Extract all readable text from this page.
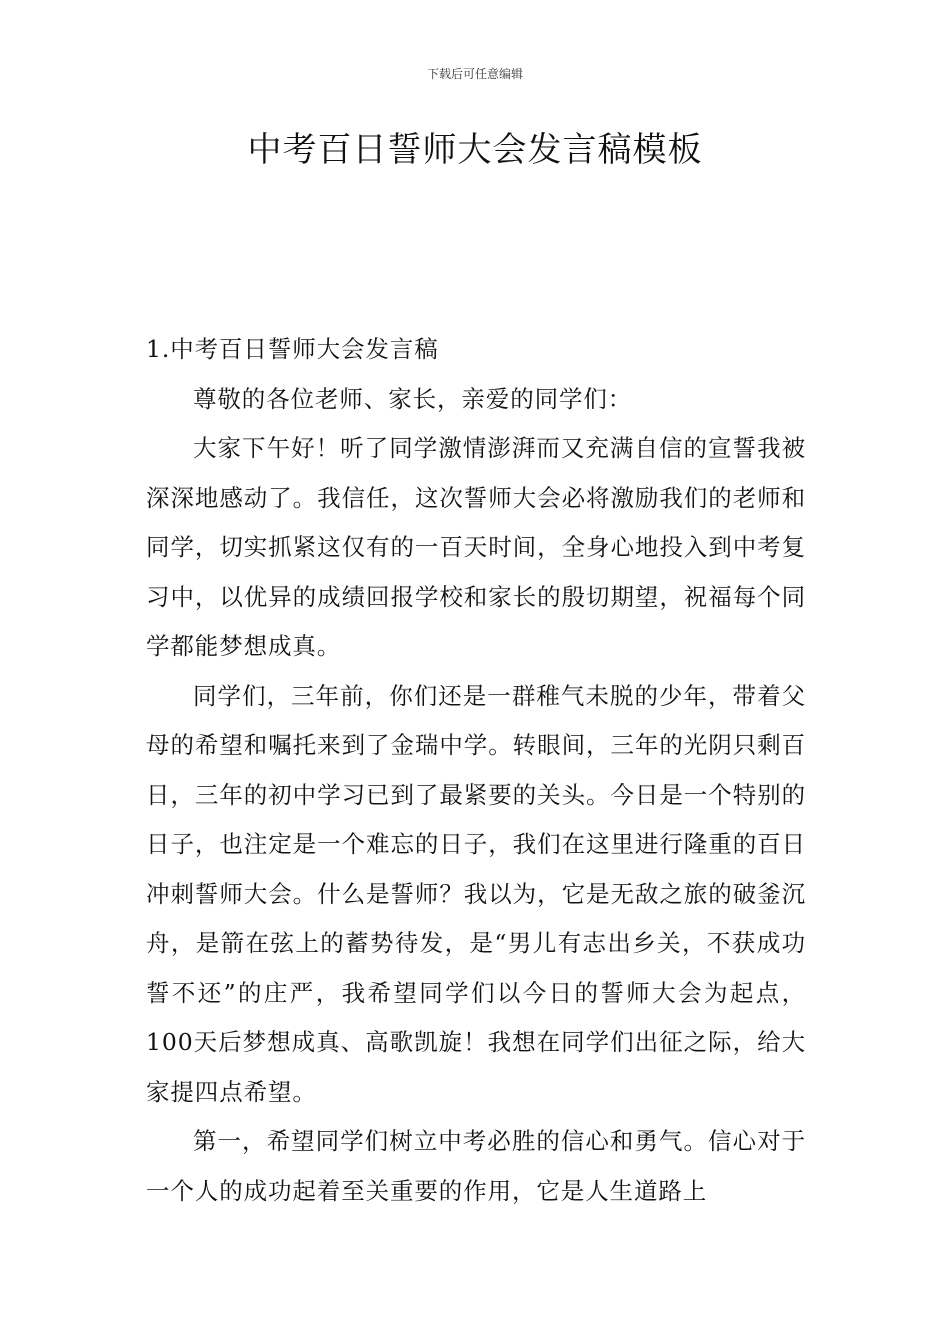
下载后可任意编辑
中考百日誓师大会发言稿模板

1.中考百日誓师大会发言稿

尊敬的各位老师、家长，亲爱的同学们：

大家下午好！听了同学激情澎湃而又充满自信的宣誓我被深深地感动了。我信任，这次誓师大会必将激励我们的老师和同学，切实抓紧这仅有的一百天时间，全身心地投入到中考复习中，以优异的成绩回报学校和家长的殷切期望，祝福每个同学都能梦想成真。

同学们，三年前，你们还是一群稚气未脱的少年，带着父母的希望和嘱托来到了金瑞中学。转眼间，三年的光阴只剩百日，三年的初中学习已到了最紧要的关头。今日是一个特别的日子，也注定是一个难忘的日子，我们在这里进行隆重的百日冲刺誓师大会。什么是誓师？我以为，它是无敌之旅的破釜沉舟，是箭在弦上的蓄势待发，是“男儿有志出乡关，不获成功誓不还”的庄严，我希望同学们以今日的誓师大会为起点，100天后梦想成真、高歌凯旋！我想在同学们出征之际，给大家提四点希望。

第一，希望同学们树立中考必胜的信心和勇气。信心对于一个人的成功起着至关重要的作用，它是人生道路上
